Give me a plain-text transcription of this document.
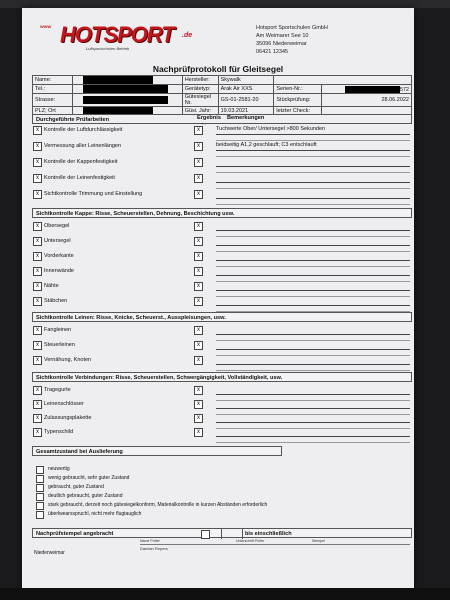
WWW HOTSPORT .de
Luftsportschulen Betrieb
Hotsport Sportschulen GmbH
Am Weimarer See 10
35096 Niederweimar
06421 12345
Nachprüfprotokoll für Gleitsegel
Name:		Hersteller:	Skywalk		
Tel.:		Gerätetyp:	Arak Air XXS	Serien-Nr.:	572
Strasse:		Gütesiegel Nr.	GS-01-2581-20	Stückprüfung:	28.06.2022
PLZ; Ort		Güsi. Jahr:	19.03.2021	letzter Check:	
Durchgeführte Prüfarbeiten	Ergebnis
+ -
Bemerkungen
x Kontrolle der Luftdurchlässigkeit	x	Tuchwerte Ober/ Untersegel >800 Sekunden
x Vermessung aller Leinenlängen	x	beidseitig A1,2 geschlauft; C3 entschlauft
x Kontrolle der Kappenfestigkeit	x
x Kontrolle der Leinenfestigkeit	x
x Sichtkontrolle Trimmung und Einstellung	x
Sichtkontrolle Kappe: Risse, Scheuerstellen, Dehnung, Beschichtung usw.
x Obersegel	x
x Untersegel	x
x Vorderkante	x
x Innenwände	x
x Nähte	x
x Stäbchen	x
Sichtkontrolle Leinen: Risse, Knicke, Scheuerst., Ausspleisungen, usw.
x Fangleinen	x
x Steuerleinen	x
x Vernähung, Knoten	x
Sichtkontrolle Verbindungen: Risse, Scheuerstellen, Schwergängigkeit, Vollständigkeit, usw.
x Tragegurte	x
x Leinenschlösser	x
x Zulassungsplakette	x
x Typenschild	x
Gesamtzustand bei Auslieferung
neuwertig
wenig gebraucht, sehr guter Zustand
gebraucht, guter Zustand
deutlich gebraucht, guter Zustand
stark gebraucht, derzeit noch gütesiegelkonform, Materialkontrolle in kurzen Abständen erforderlich
überlwearsspruchl, nicht mehr flugtauglich
Nachprüfstempel angebracht	bis einschließlich
Name Prüfer	Unterschrift Prüfer	Stempel
Damian Repers
Niederweimar
